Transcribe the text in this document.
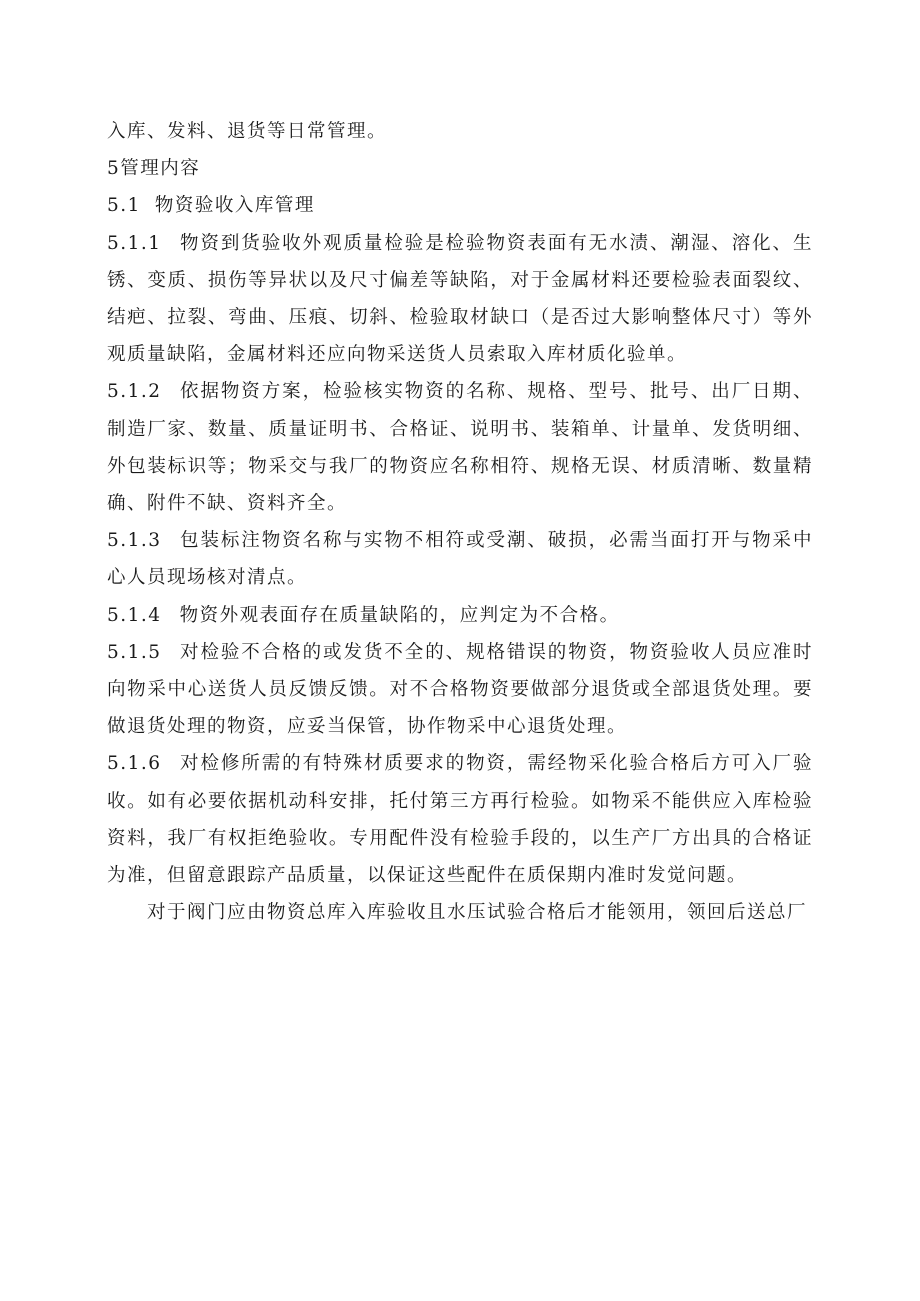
入库、发料、退货等日常管理。

5管理内容

5.1 物资验收入库管理

5.1.1 物资到货验收外观质量检验是检验物资表面有无水渍、潮湿、溶化、生锈、变质、损伤等异状以及尺寸偏差等缺陷，对于金属材料还要检验表面裂纹、结疤、拉裂、弯曲、压痕、切斜、检验取材缺口（是否过大影响整体尺寸）等外观质量缺陷，金属材料还应向物采送货人员索取入库材质化验单。

5.1.2 依据物资方案，检验核实物资的名称、规格、型号、批号、出厂日期、制造厂家、数量、质量证明书、合格证、说明书、装箱单、计量单、发货明细、外包装标识等；物采交与我厂的物资应名称相符、规格无误、材质清晰、数量精确、附件不缺、资料齐全。

5.1.3 包装标注物资名称与实物不相符或受潮、破损，必需当面打开与物采中心人员现场核对清点。

5.1.4 物资外观表面存在质量缺陷的，应判定为不合格。

5.1.5 对检验不合格的或发货不全的、规格错误的物资，物资验收人员应准时向物采中心送货人员反馈反馈。对不合格物资要做部分退货或全部退货处理。要做退货处理的物资，应妥当保管，协作物采中心退货处理。

5.1.6 对检修所需的有特殊材质要求的物资，需经物采化验合格后方可入厂验收。如有必要依据机动科安排，托付第三方再行检验。如物采不能供应入库检验资料，我厂有权拒绝验收。专用配件没有检验手段的，以生产厂方出具的合格证为准，但留意跟踪产品质量，以保证这些配件在质保期内准时发觉问题。

对于阀门应由物资总库入库验收且水压试验合格后才能领用，领回后送总厂
